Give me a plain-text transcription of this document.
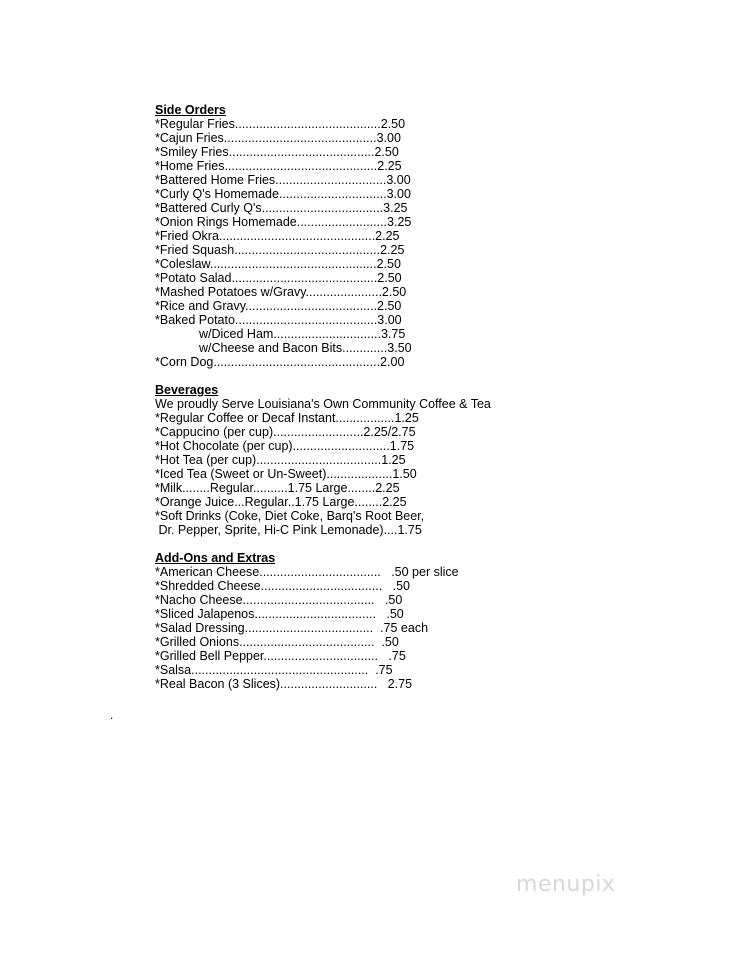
Side Orders
*Regular Fries..........................................2.50
*Cajun Fries............................................3.00
*Smiley Fries..........................................2.50
*Home Fries............................................2.25
*Battered Home Fries................................3.00
*Curly Q's Homemade...............................3.00
*Battered Curly Q's...................................3.25
*Onion Rings Homemade..........................3.25
*Fried Okra.............................................2.25
*Fried Squash..........................................2.25
*Coleslaw................................................2.50
*Potato Salad..........................................2.50
*Mashed Potatoes w/Gravy......................2.50
*Rice and Gravy......................................2.50
*Baked Potato.........................................3.00
w/Diced Ham...............................3.75
w/Cheese and Bacon Bits.............3.50
*Corn Dog................................................2.00
Beverages
We proudly Serve Louisiana's Own Community Coffee & Tea
*Regular Coffee or Decaf Instant.................1.25
*Cappucino (per cup)..........................2.25/2.75
*Hot Chocolate (per cup)............................1.75
*Hot Tea (per cup)....................................1.25
*Iced Tea (Sweet or Un-Sweet)...................1.50
*Milk........Regular..........1.75 Large........2.25
*Orange Juice...Regular..1.75 Large........2.25
*Soft Drinks (Coke, Diet Coke, Barq's Root Beer,
Dr. Pepper, Sprite, Hi-C Pink Lemonade)....1.75
Add-Ons and Extras
*American Cheese...................................   .50 per slice
*Shredded Cheese...................................   .50
*Nacho Cheese......................................   .50
*Sliced Jalapenos...................................   .50
*Salad Dressing.....................................  .75 each
*Grilled Onions.......................................  .50
*Grilled Bell Pepper.................................   .75
*Salsa...................................................  .75
*Real Bacon (3 Slices)............................   2.75
.
menupix
